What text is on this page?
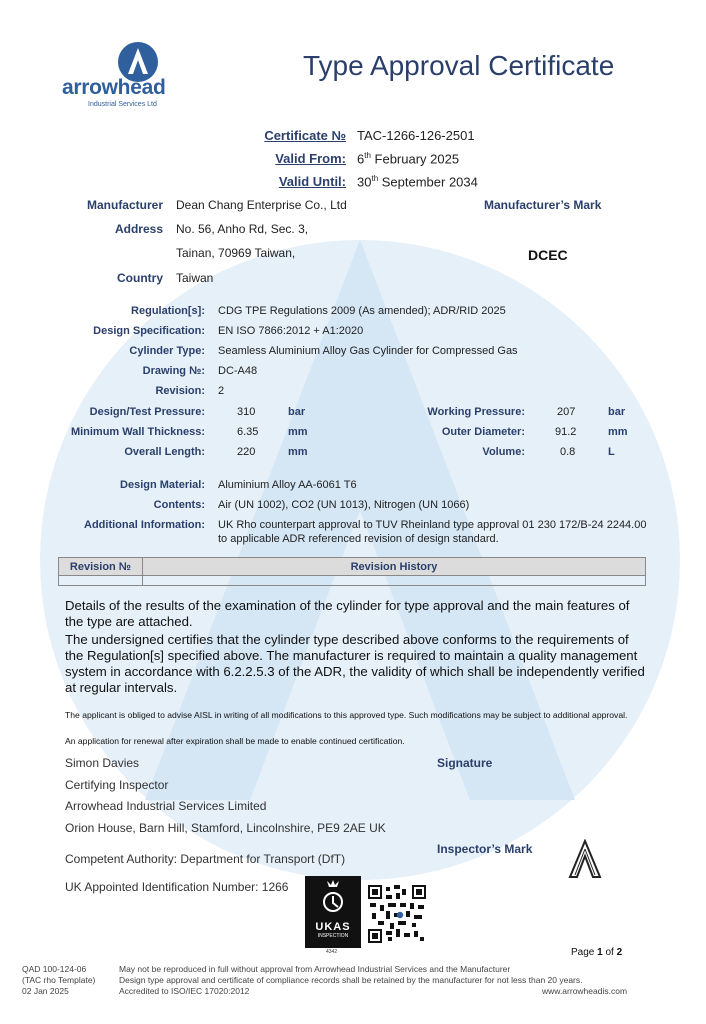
arrowhead
Industrial Services Ltd
Type Approval Certificate
Certificate № TAC-1266-126-2501
Valid From: 6th February 2025
Valid Until: 30th September 2034
Manufacturer Dean Chang Enterprise Co., Ltd
Address No. 56, Anho Rd, Sec. 3,
Tainan, 70969 Taiwan,
Country Taiwan
Manufacturer’s Mark
DCEC
Regulation[s]: CDG TPE Regulations 2009 (As amended); ADR/RID 2025
Design Specification: EN ISO 7866:2012 + A1:2020
Cylinder Type: Seamless Aluminium Alloy Gas Cylinder for Compressed Gas
Drawing №: DC-A48
Revision: 2
Design/Test Pressure:	310	bar	Working Pressure:	207	bar
Minimum Wall Thickness:	6.35	mm	Outer Diameter:	91.2	mm
Overall Length:	220	mm	Volume:	0.8	L
Design Material: Aluminium Alloy AA-6061 T6
Contents: Air (UN 1002), CO2 (UN 1013), Nitrogen (UN 1066)
Additional Information: UK Rho counterpart approval to TUV Rheinland type approval 01 230 172/B-24 2244.00
to applicable ADR referenced revision of design standard.
Revision №	Revision History

Details of the results of the examination of the cylinder for type approval and the main features of the type are attached.
The undersigned certifies that the cylinder type described above conforms to the requirements of the Regulation[s] specified above. The manufacturer is required to maintain a quality management system in accordance with 6.2.2.5.3 of the ADR, the validity of which shall be independently verified at regular intervals.
The applicant is obliged to advise AISL in writing of all modifications to this approved type. Such modifications may be subject to additional approval.
An application for renewal after expiration shall be made to enable continued certification.
Simon Davies
Certifying Inspector
Arrowhead Industrial Services Limited
Orion House, Barn Hill, Stamford, Lincolnshire, PE9 2AE UK
Signature
Inspector’s Mark
Competent Authority: Department for Transport (DfT)
UK Appointed Identification Number: 1266
UKAS
INSPECTION
4342	Page 1 of 2
QAD 100-124-06
(TAC rho Template)
02 Jan 2025
May not be reproduced in full without approval from Arrowhead Industrial Services and the Manufacturer
Design type approval and certificate of compliance records shall be retained by the manufacturer for not less than 20 years.
Accredited to ISO/IEC 17020:2012	www.arrowheadis.com
